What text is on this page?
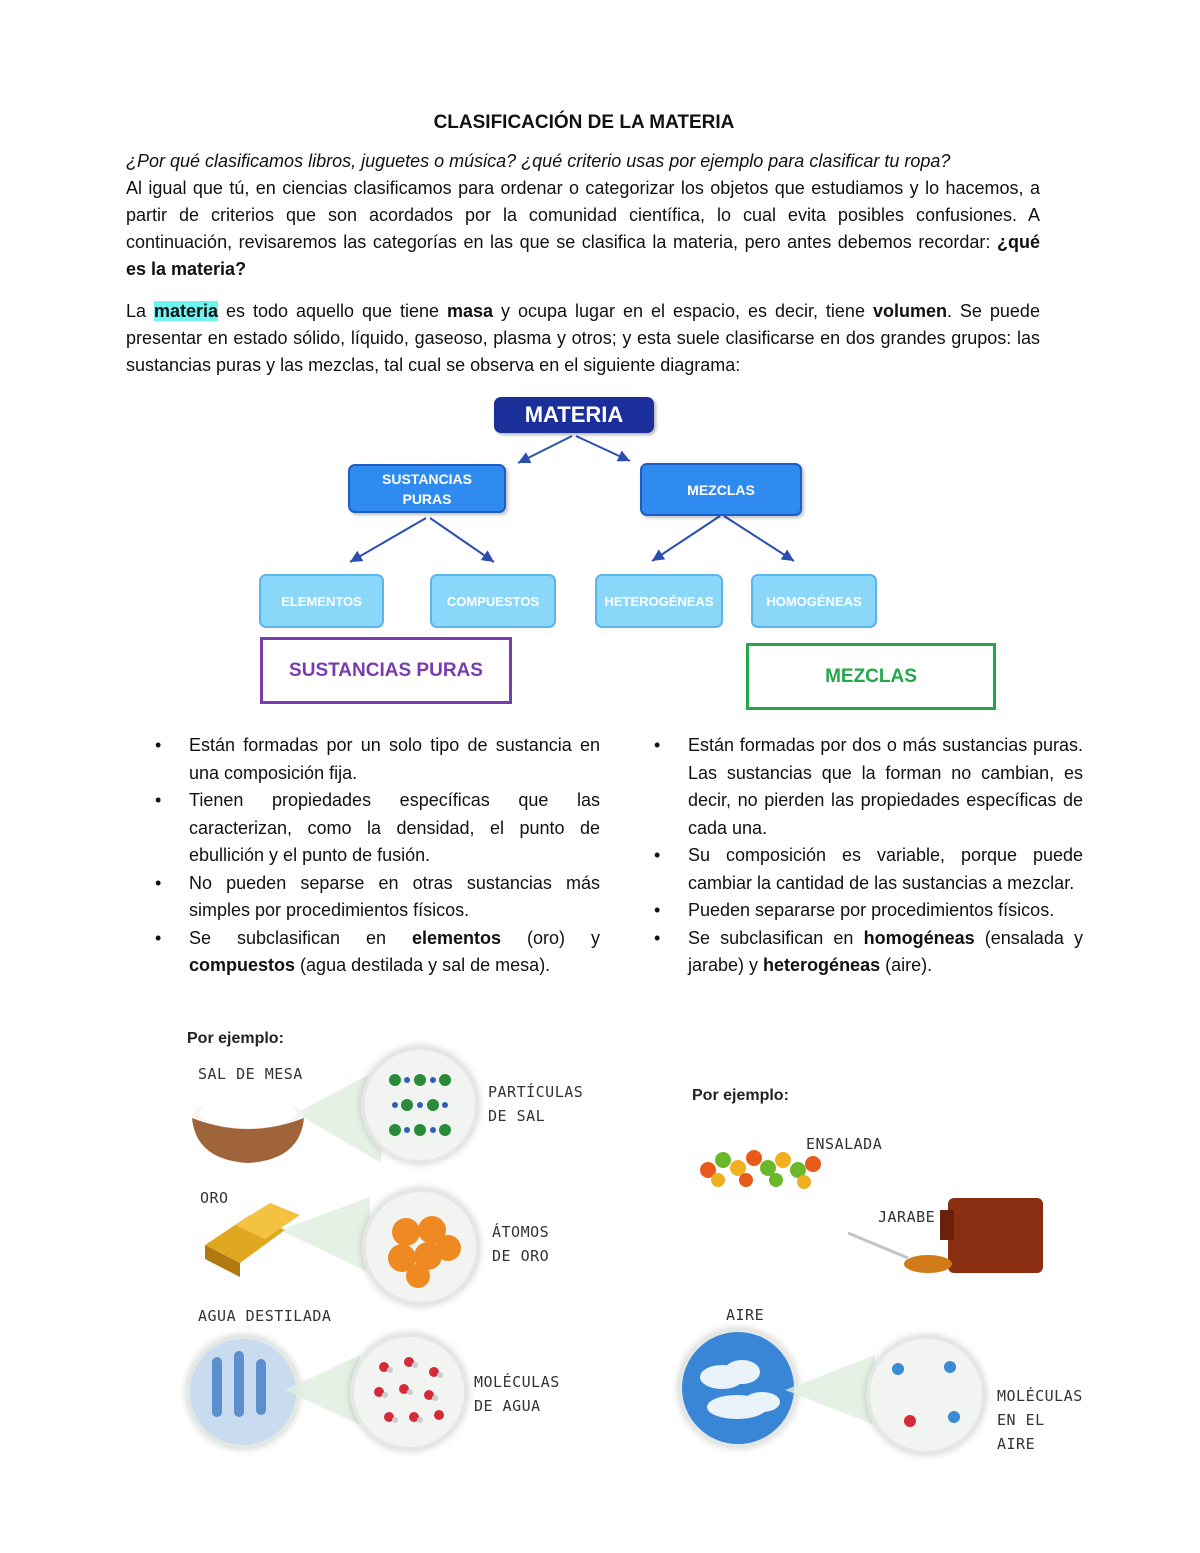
CLASIFICACIÓN DE LA MATERIA
¿Por qué clasificamos libros, juguetes o música? ¿qué criterio usas por ejemplo para clasificar tu ropa?
Al igual que tú, en ciencias clasificamos para ordenar o categorizar los objetos que estudiamos y lo hacemos, a partir de criterios que son acordados por la comunidad científica, lo cual evita posibles confusiones. A continuación, revisaremos las categorías en las que se clasifica la materia, pero antes debemos recordar: ¿qué es la materia?
La materia es todo aquello que tiene masa y ocupa lugar en el espacio, es decir, tiene volumen. Se puede presentar en estado sólido, líquido, gaseoso, plasma y otros; y esta suele clasificarse en dos grandes grupos: las sustancias puras y las mezclas, tal cual se observa en el siguiente diagrama:
MATERIA
SUSTANCIAS PURAS
MEZCLAS
ELEMENTOS	COMPUESTOS	HETEROGÉNEAS	HOMOGÉNEAS
SUSTANCIAS PURAS	MEZCLAS
• Están formadas por un solo tipo de sustancia en una composición fija.
• Tienen propiedades específicas que las caracterizan, como la densidad, el punto de ebullición y el punto de fusión.
• No pueden separse en otras sustancias más simples por procedimientos físicos.
• Se subclasifican en elementos (oro) y compuestos (agua destilada y sal de mesa).
• Están formadas por dos o más sustancias puras. Las sustancias que la forman no cambian, es decir, no pierden las propiedades específicas de cada una.
• Su composición es variable, porque puede cambiar la cantidad de las sustancias a mezclar.
• Pueden separarse por procedimientos físicos.
• Se subclasifican en homogéneas (ensalada y jarabe) y heterogéneas (aire).
Por ejemplo:
SAL DE MESA
PARTÍCULAS DE SAL
ORO
ÁTOMOS DE ORO
AGUA DESTILADA
MOLÉCULAS DE AGUA
Por ejemplo:
ENSALADA
JARABE
AIRE
MOLÉCULAS EN EL AIRE
